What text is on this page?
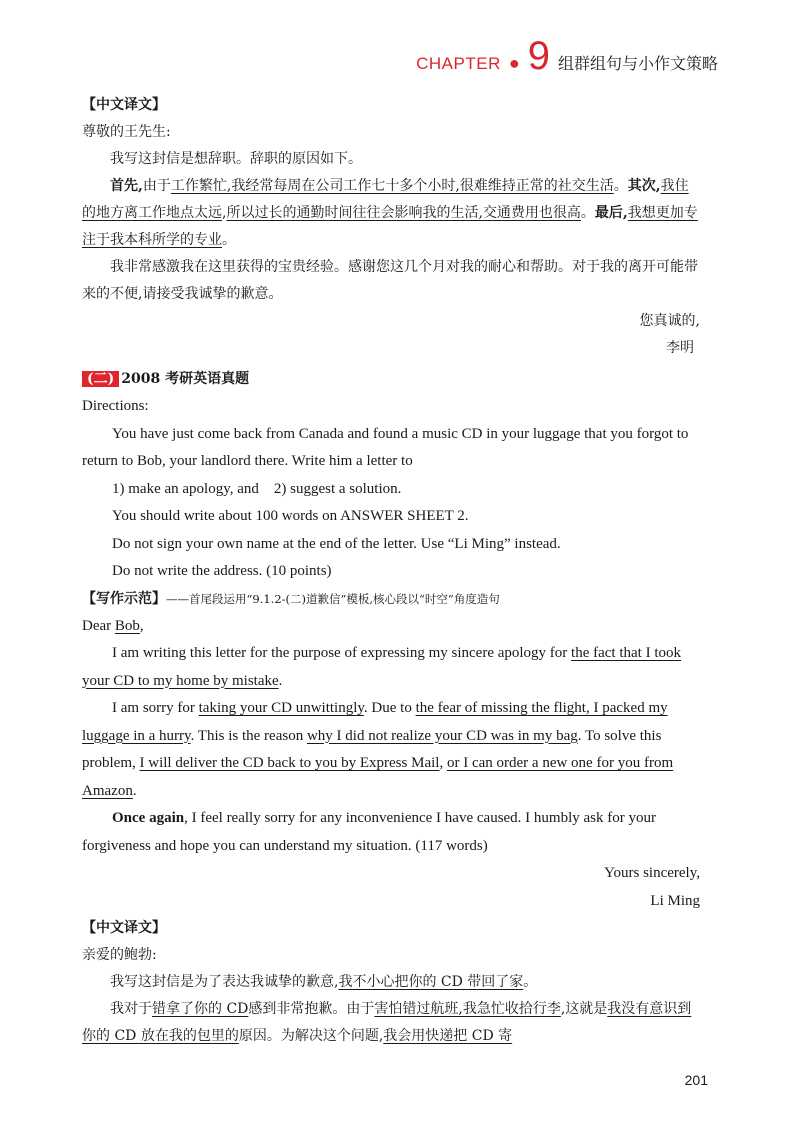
CHAPTER ● 9 组群组句与小作文策略

【中文译文】

尊敬的王先生:

我写这封信是想辞职。辞职的原因如下。

首先,由于工作繁忙,我经常每周在公司工作七十多个小时,很难维持正常的社交生活。其次,我住的地方离工作地点太远,所以过长的通勤时间往往会影响我的生活,交通费用也很高。最后,我想更加专注于我本科所学的专业。

我非常感激我在这里获得的宝贵经验。感谢您这几个月对我的耐心和帮助。对于我的离开可能带来的不便,请接受我诚挚的歉意。

您真诚的,

李明

(二) 2008 考研英语真题

Directions:

You have just come back from Canada and found a music CD in your luggage that you forgot to return to Bob, your landlord there. Write him a letter to

1) make an apology, and    2) suggest a solution.

You should write about 100 words on ANSWER SHEET 2.

Do not sign your own name at the end of the letter. Use “Li Ming” instead.

Do not write the address. (10 points)

【写作示范】——首尾段运用“9.1.2-(二)道歉信”模板,核心段以“时空”角度造句

Dear Bob,

I am writing this letter for the purpose of expressing my sincere apology for the fact that I took your CD to my home by mistake.

I am sorry for taking your CD unwittingly. Due to the fear of missing the flight, I packed my luggage in a hurry. This is the reason why I did not realize your CD was in my bag. To solve this problem, I will deliver the CD back to you by Express Mail, or I can order a new one for you from Amazon.

Once again, I feel really sorry for any inconvenience I have caused. I humbly ask for your forgiveness and hope you can understand my situation. (117 words)

Yours sincerely,

Li Ming

【中文译文】

亲爱的鲍勃:

我写这封信是为了表达我诚挚的歉意,我不小心把你的 CD 带回了家。

我对于错拿了你的 CD感到非常抱歉。由于害怕错过航班,我急忙收拾行李,这就是我没有意识到你的 CD 放在我的包里的原因。为解决这个问题,我会用快递把 CD 寄

201
